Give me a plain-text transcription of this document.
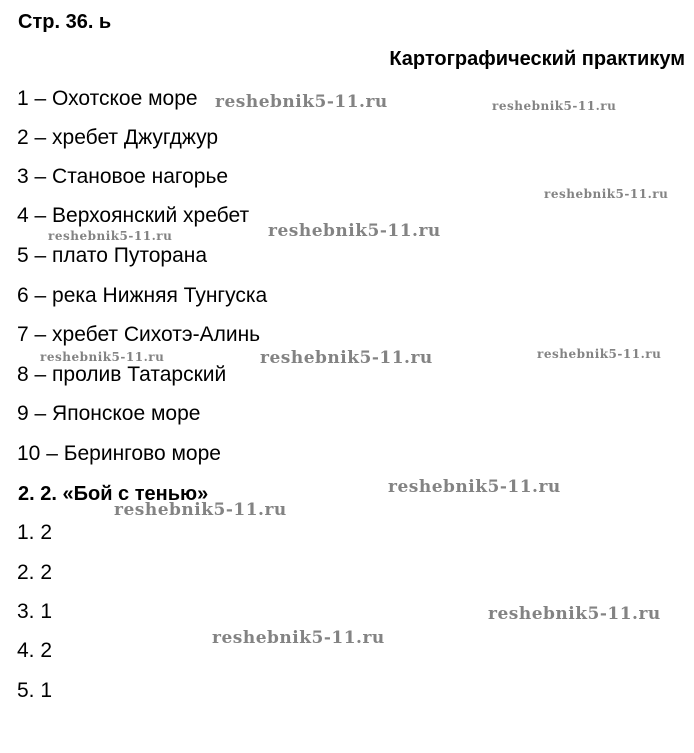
Стр. 36. ь
Картографический практикум
1 – Охотское море
2 – хребет Джугджур
3 – Становое нагорье
4 – Верхоянский хребет
5 – плато Путорана
6 – река Нижняя Тунгуска
7 – хребет Сихотэ-Алинь
8 – пролив Татарский
9 – Японское море
10 – Берингово море
2. 2. «Бой с тенью»
1. 2
2. 2
3. 1
4. 2
5. 1
reshebnik5-11.ru	reshebnik5-11.ru
reshebnik5-11.ru
reshebnik5-11.ru	reshebnik5-11.ru
reshebnik5-11.ru	reshebnik5-11.ru	reshebnik5-11.ru
reshebnik5-11.ru
reshebnik5-11.ru
reshebnik5-11.ru
reshebnik5-11.ru
